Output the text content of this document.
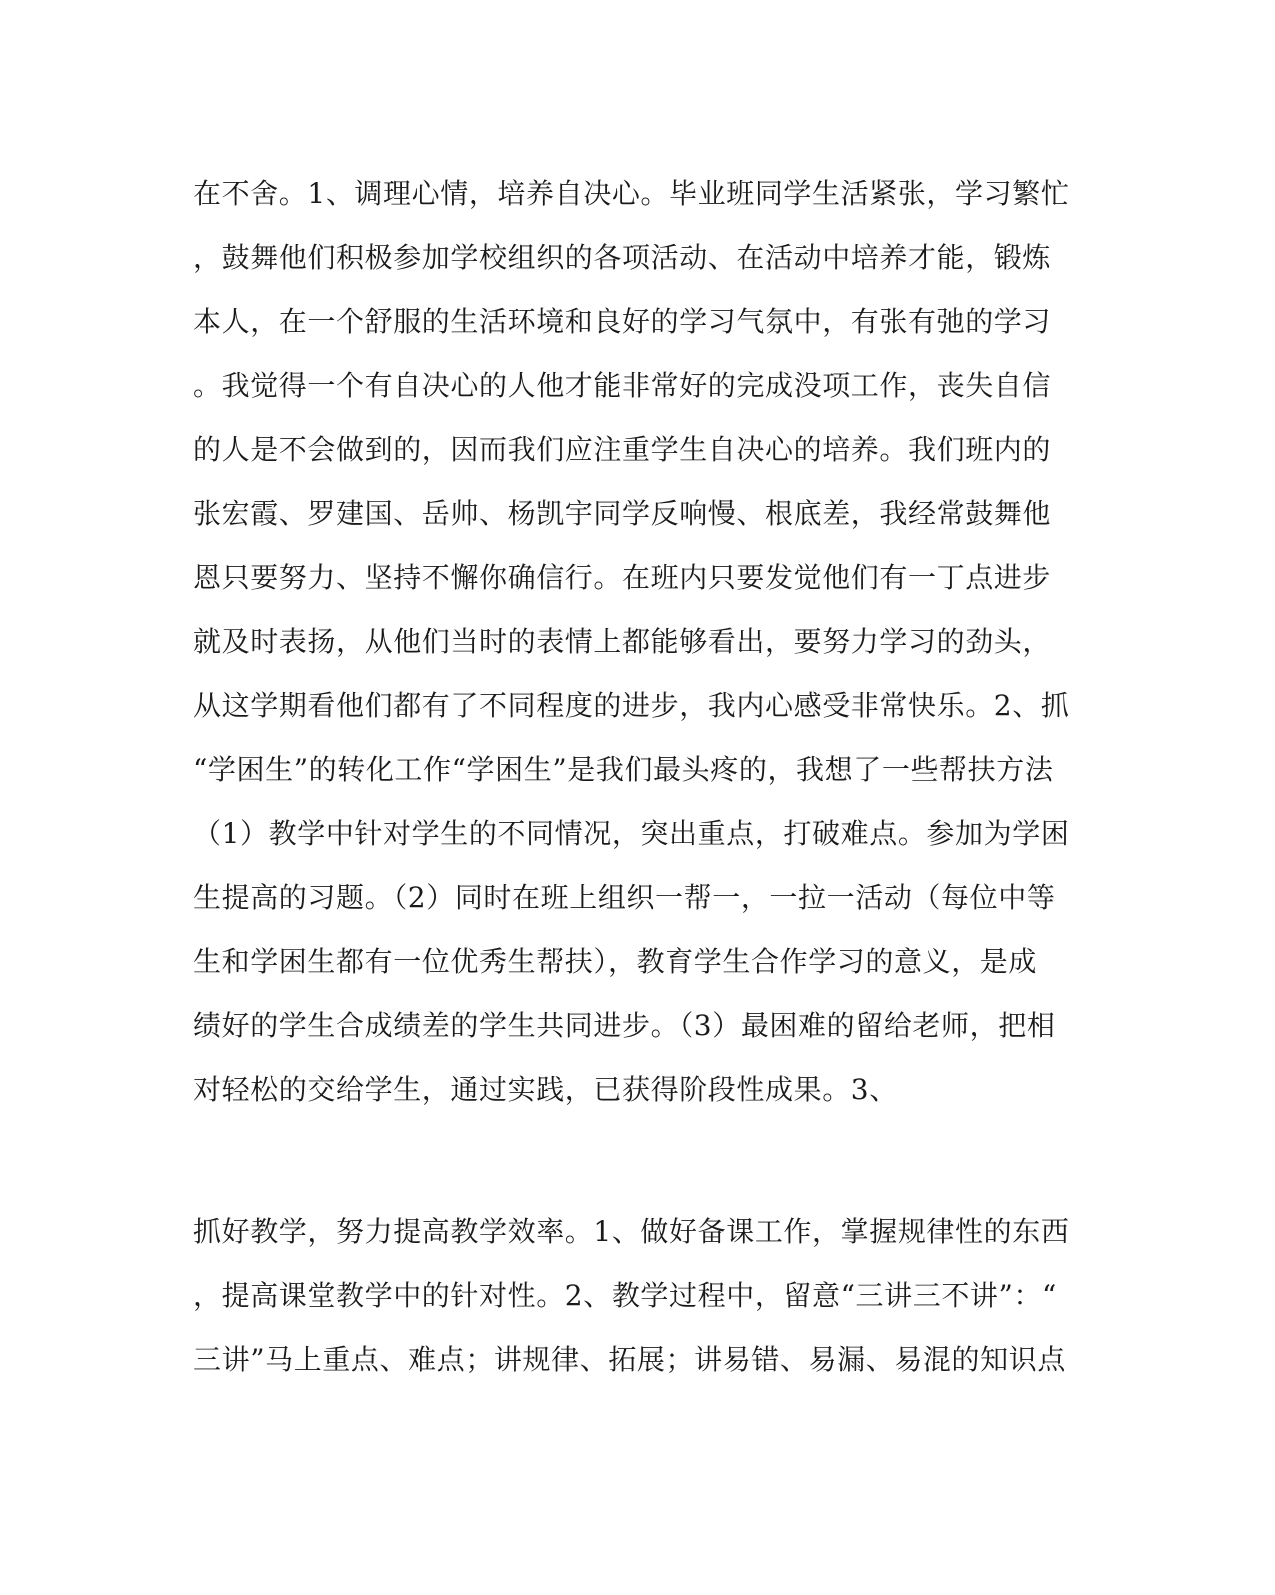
在不舍。1、调理心情，培养自决心。毕业班同学生活紧张，学习繁忙
，鼓舞他们积极参加学校组织的各项活动、在活动中培养才能，锻炼
本人，在一个舒服的生活环境和良好的学习气氛中，有张有弛的学习
。我觉得一个有自决心的人他才能非常好的完成没项工作，丧失自信
的人是不会做到的，因而我们应注重学生自决心的培养。我们班内的
张宏霞、罗建国、岳帅、杨凯宇同学反响慢、根底差，我经常鼓舞他
恩只要努力、坚持不懈你确信行。在班内只要发觉他们有一丁点进步
就及时表扬，从他们当时的表情上都能够看出，要努力学习的劲头，
从这学期看他们都有了不同程度的进步，我内心感受非常快乐。2、抓
“学困生”的转化工作“学困生”是我们最头疼的，我想了一些帮扶方法
（1）教学中针对学生的不同情况，突出重点，打破难点。参加为学困
生提高的习题。（2）同时在班上组织一帮一，一拉一活动（每位中等
生和学困生都有一位优秀生帮扶），教育学生合作学习的意义，是成
绩好的学生合成绩差的学生共同进步。（3）最困难的留给老师，把相
对轻松的交给学生，通过实践，已获得阶段性成果。3、
抓好教学，努力提高教学效率。1、做好备课工作，掌握规律性的东西
，提高课堂教学中的针对性。2、教学过程中，留意“三讲三不讲”：“
三讲”马上重点、难点；讲规律、拓展；讲易错、易漏、易混的知识点
